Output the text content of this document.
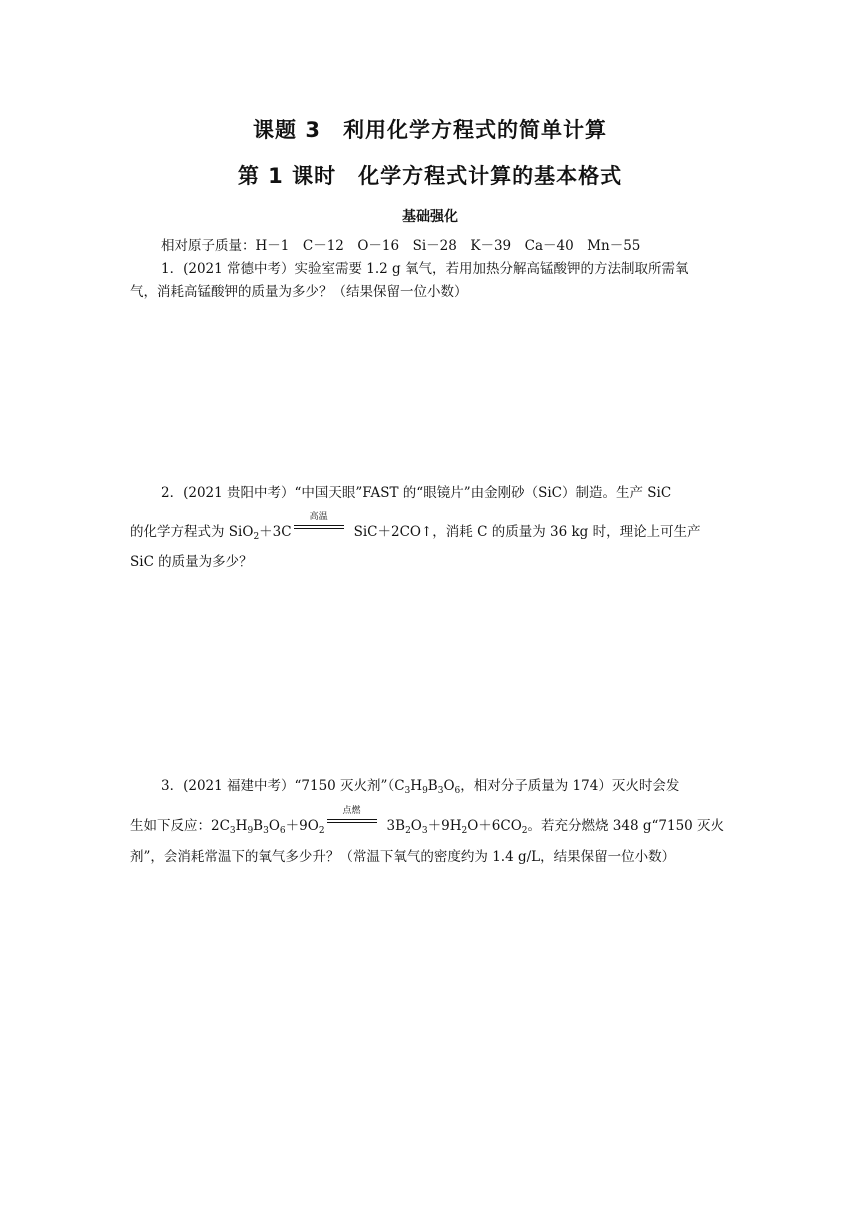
课题 3　利用化学方程式的简单计算
第 1 课时　化学方程式计算的基本格式
基础强化
相对原子质量：H－1　C－12　O－16　Si－28　K－39　Ca－40　Mn－55
1．(2021 常德中考）实验室需要 1.2 g 氧气，若用加热分解高锰酸钾的方法制取所需氧
气，消耗高锰酸钾的质量为多少？（结果保留一位小数）
2．(2021 贵阳中考）“中国天眼”FAST 的“眼镜片”由金刚砂（SiC）制造。生产 SiC
的化学方程式为 SiO$_2$＋3C
高温
SiC＋2CO↑，消耗 C 的质量为 36 kg 时，理论上可生产
SiC 的质量为多少？
3．(2021 福建中考）“7150 灭火剂$”(C_3H_9B_3O_6$，相对分子质量为 174）灭火时会发
生如下反应：$2C_3H_9B_3O_6+9O_2$
点燃
$3B_2O_3+9H_2O+6CO_2$。若充分燃烧 348 g“7150 灭火
剂”，会消耗常温下的氧气多少升？（常温下氧气的密度约为 1.4 g/L，结果保留一位小数）
